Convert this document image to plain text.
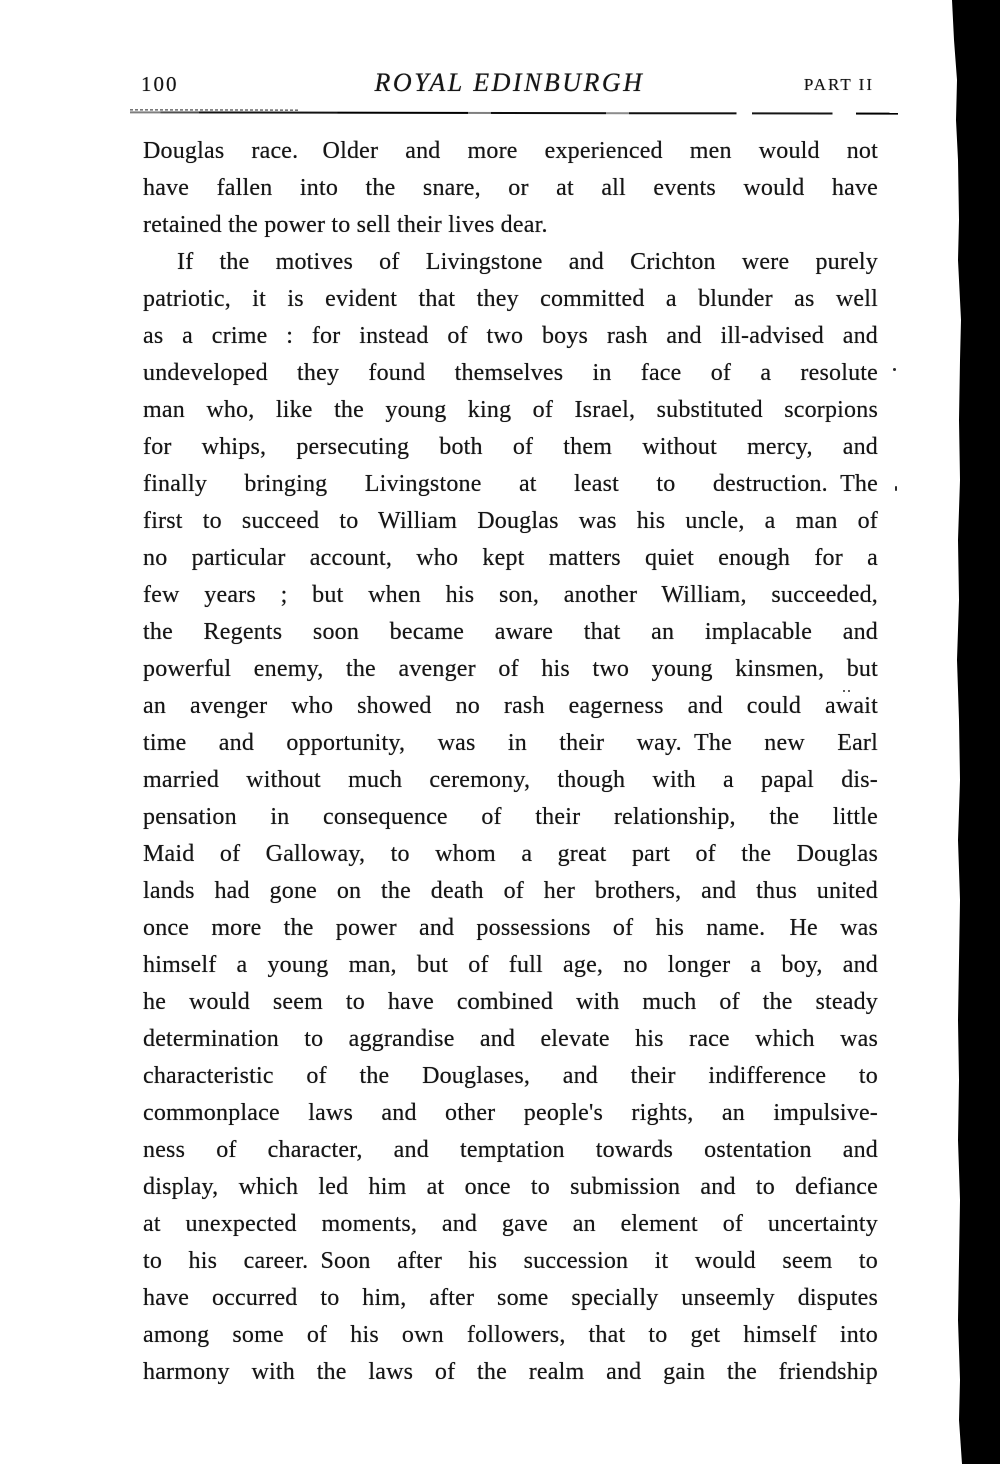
100	ROYAL EDINBURGH	PART II
Douglas race. Older and more experienced men would not
have fallen into the snare, or at all events would have
retained the power to sell their lives dear.
If the motives of Livingstone and Crichton were purely
patriotic, it is evident that they committed a blunder as well
as a crime : for instead of two boys rash and ill-advised and
undeveloped they found themselves in face of a resolute
man who, like the young king of Israel, substituted scorpions
for whips, persecuting both of them without mercy, and
finally bringing Livingstone at least to destruction. The
first to succeed to William Douglas was his uncle, a man of
no particular account, who kept matters quiet enough for a
few years ; but when his son, another William, succeeded,
the Regents soon became aware that an implacable and
powerful enemy, the avenger of his two young kinsmen, but
an avenger who showed no rash eagerness and could await
time and opportunity, was in their way. The new Earl
married without much ceremony, though with a papal dis-
pensation in consequence of their relationship, the little
Maid of Galloway, to whom a great part of the Douglas
lands had gone on the death of her brothers, and thus united
once more the power and possessions of his name. He was
himself a young man, but of full age, no longer a boy, and
he would seem to have combined with much of the steady
determination to aggrandise and elevate his race which was
characteristic of the Douglases, and their indifference to
commonplace laws and other people's rights, an impulsive-
ness of character, and temptation towards ostentation and
display, which led him at once to submission and to defiance
at unexpected moments, and gave an element of uncertainty
to his career. Soon after his succession it would seem to
have occurred to him, after some specially unseemly disputes
among some of his own followers, that to get himself into
harmony with the laws of the realm and gain the friendship
